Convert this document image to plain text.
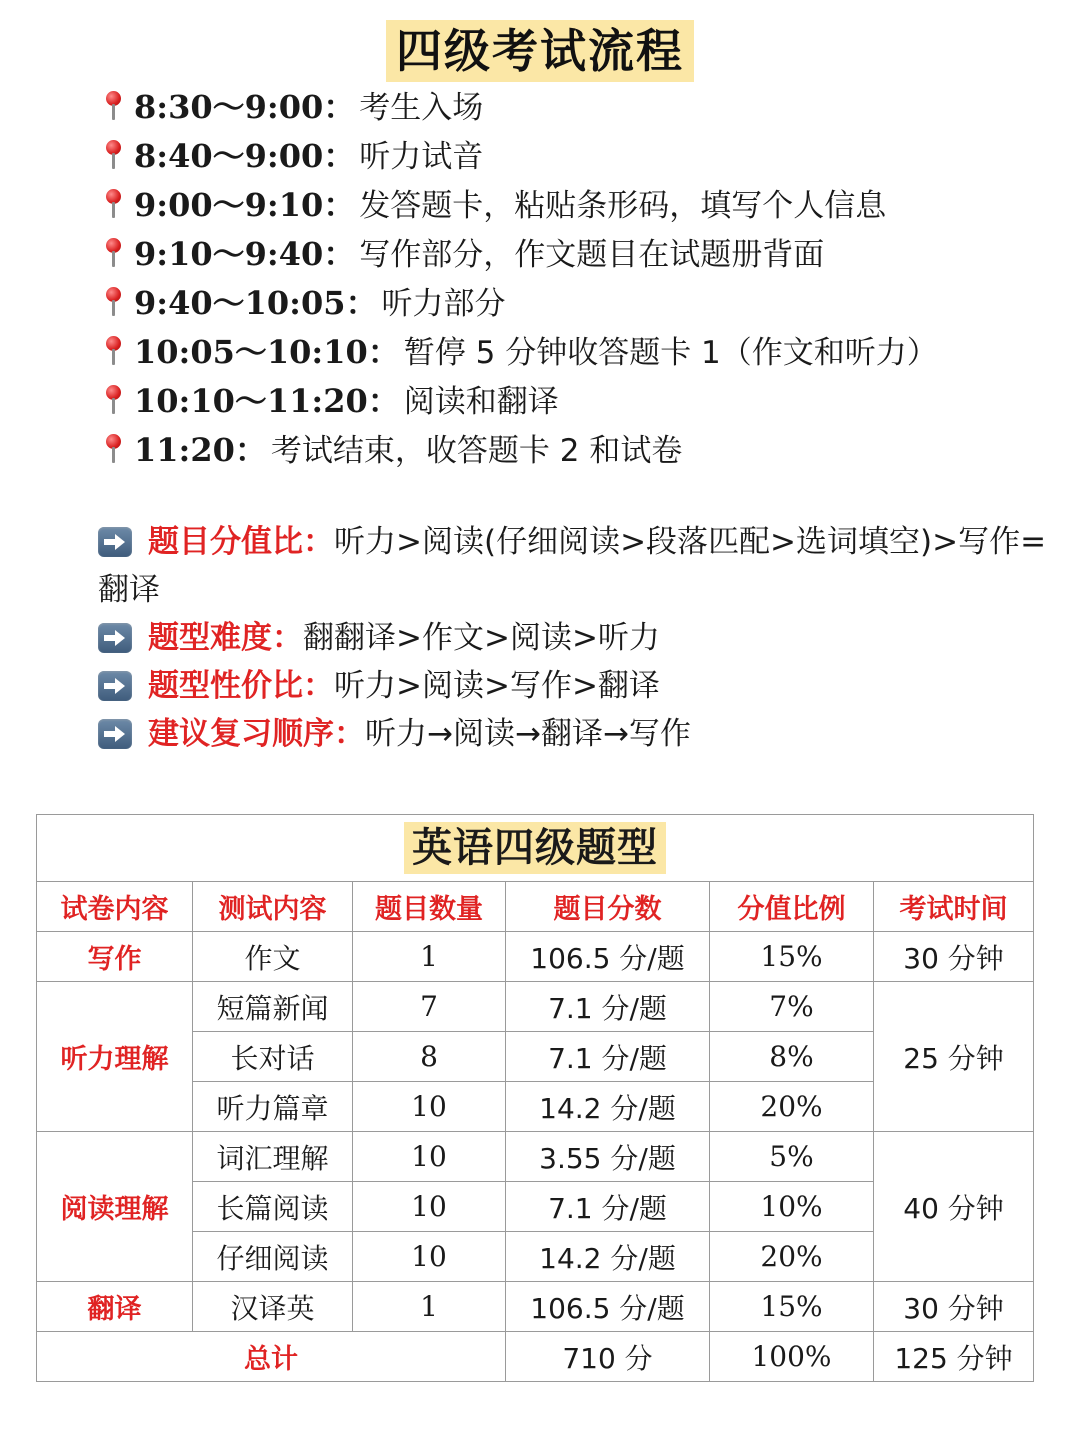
四级考试流程
8:30～9:00： 考生入场
8:40～9:00： 听力试音
9:00～9:10： 发答题卡，粘贴条形码，填写个人信息
9:10～9:40： 写作部分，作文题目在试题册背面
9:40～10:05： 听力部分
10:05～10:10： 暂停 5 分钟收答题卡 1（作文和听力）
10:10～11:20： 阅读和翻译
11:20： 考试结束，收答题卡 2 和试卷
题目分值比：听力>阅读(仔细阅读>段落匹配>选词填空)>写作=翻译
题型难度：翻翻译>作文>阅读>听力
题型性价比：听力>阅读>写作>翻译
建议复习顺序：听力→阅读→翻译→写作
英语四级题型					
试卷内容	测试内容	题目数量	题目分数	分值比例	考试时间
写作	作文	1	106.5 分/题	15%	30 分钟
听力理解	短篇新闻	7	7.1 分/题	7%	25 分钟
	长对话	8	7.1 分/题	8%	
	听力篇章	10	14.2 分/题	20%	
阅读理解	词汇理解	10	3.55 分/题	5%	40 分钟
	长篇阅读	10	7.1 分/题	10%	
	仔细阅读	10	14.2 分/题	20%	
翻译	汉译英	1	106.5 分/题	15%	30 分钟
总计			710 分	100%	125 分钟
